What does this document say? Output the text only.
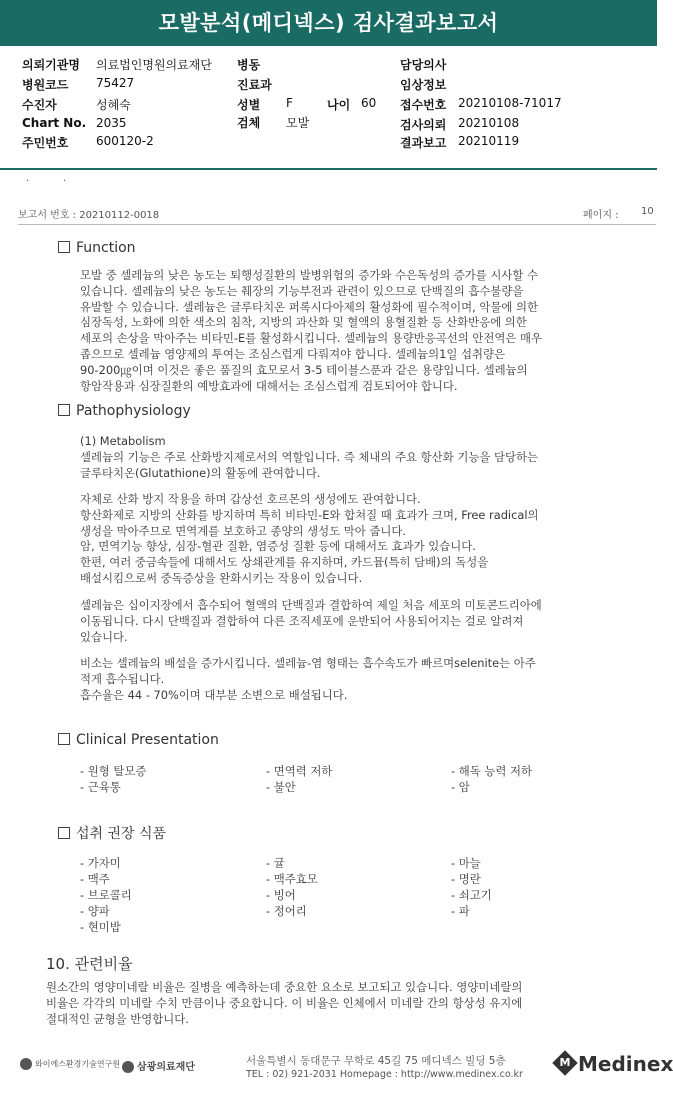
모발분석(메디넥스) 검사결과보고서
의뢰기관명 의료법인명원의료재단
병원코드 75427
수진자	성혜숙
Chart No. 2035
주민번호 600120-2
병동
진료과
성별 F	나이 60
검체 모발
담당의사
임상정보
접수번호 20210108-71017
검사의뢰 20210108
결과보고 20210119
·	·
보고서 번호 : 20210112-0018	페이지 : 10
Function

모발 중 셀레늄의 낮은 농도는 퇴행성질환의 발병위험의 증가와 수은독성의 증가를 시사할 수

있습니다. 셀레늄의 낮은 농도는 췌장의 기능부전과 관련이 있으므로 단백질의 흡수불량을

유발할 수 있습니다. 셀레늄은 글루타치온 퍼록시다아제의 활성화에 필수적이며, 악물에 의한

심장독성, 노화에 의한 색소의 침착, 지방의 과산화 및 혈액의 용혈질환 등 산화반응에 의한

세포의 손상을 막아주는 비타민-E를 활성화시킵니다. 셀레늄의 용량반응곡선의 안전역은 매우

좁으므로 셀레늄 영양제의 투여는 조심스럽게 다뤄져야 합니다. 셀레늄의1일 섭취량은

90-200㎍이며 이것은 좋은 품질의 효모로서 3-5 테이블스푼과 같은 용량입니다. 셀레늄의

항암작용과 심장질환의 예방효과에 대해서는 조심스럽게 검토되어야 합니다.

Pathophysiology

(1) Metabolism

셀레늄의 기능은 주로 산화방지제로서의 역할입니다. 즉 체내의 주요 항산화 기능을 담당하는

글루타치온(Glutathione)의 활동에 관여합니다.

자체로 산화 방지 작용을 하며 갑상선 호르몬의 생성에도 관여합니다.

항산화제로 지방의 산화를 방지하며 특히 비타민-E와 합쳐질 때 효과가 크며, Free radical의

생성을 막아주므로 면역계를 보호하고 종양의 생성도 막아 줍니다.

암, 면역기능 향상, 심장-혈관 질환, 염증성 질환 등에 대해서도 효과가 있습니다.

한편, 여러 중금속들에 대해서도 상쇄관계를 유지하며, 카드뮴(특히 담배)의 독성을

배설시킴으로써 중독증상을 완화시키는 작용이 있습니다.

셀레늄은 십이지장에서 흡수되어 혈액의 단백질과 결합하여 제일 처음 세포의 미토콘드리아에

이동됩니다. 다시 단백질과 결합하여 다른 조직세포에 운반되어 사용되어지는 걸로 알려져

있습니다.

비소는 셀레늄의 배설을 증가시킵니다. 셀레늄-염 형태는 흡수속도가 빠르며selenite는 아주

적게 흡수됩니다.

흡수율은 44 - 70%이며 대부분 소변으로 배설됩니다.

Clinical Presentation
- 원형 탈모증	- 면역력 저하	- 해독 능력 저하
- 근육통	- 불안	- 암
섭취 권장 식품
- 가자미	- 귤	- 마늘
- 맥주	- 맥주효모	- 명란
- 브로콜리	- 빙어	- 쇠고기
- 양파	- 정어리	- 파
- 현미밥
10. 관련비율

원소간의 영양미네랄 비율은 질병을 예측하는데 중요한 요소로 보고되고 있습니다. 영양미네랄의

비율은 각각의 미네랄 수치 만큼이나 중요합니다. 이 비율은 인체에서 미네랄 간의 항상성 유지에

절대적인 균형을 반영합니다.

와이에스환경기술연구원	삼광의료재단
서울특별시 동대문구 무학로 45길 75 메디넥스 빌딩 5층
TEL : 02) 921-2031 Homepage : http://www.medinex.co.kr
M Medinex
